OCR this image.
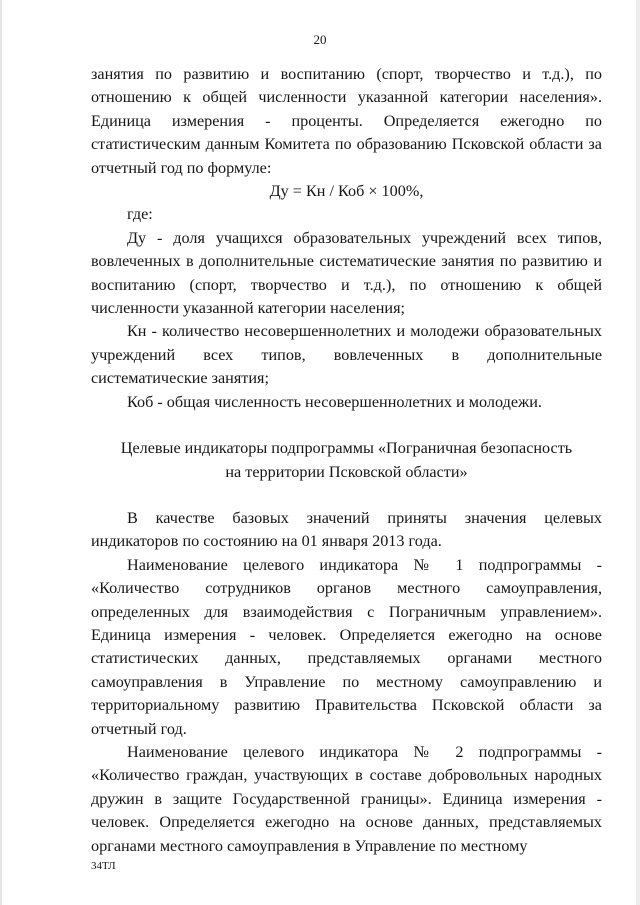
20

занятия по развитию и воспитанию (спорт, творчество и т.д.), по отношению к общей численности указанной категории населения». Единица измерения - проценты. Определяется ежегодно по статистическим данным Комитета по образованию Псковской области за отчетный год по формуле:

Ду = Кн / Коб × 100%,

где:

Ду - доля учащихся образовательных учреждений всех типов, вовлеченных в дополнительные систематические занятия по развитию и воспитанию (спорт, творчество и т.д.), по отношению к общей численности указанной категории населения;

Кн - количество несовершеннолетних и молодежи образовательных учреждений всех типов, вовлеченных в дополнительные систематические занятия;

Коб - общая численность несовершеннолетних и молодежи.

Целевые индикаторы подпрограммы «Пограничная безопасность

на территории Псковской области»

В качестве базовых значений приняты значения целевых индикаторов по состоянию на 01 января 2013 года.

Наименование целевого индикатора № 1 подпрограммы - «Количество сотрудников органов местного самоуправления, определенных для взаимодействия с Пограничным управлением». Единица измерения - человек. Определяется ежегодно на основе статистических данных, представляемых органами местного самоуправления в Управление по местному самоуправлению и территориальному развитию Правительства Псковской области за отчетный год.

Наименование целевого индикатора № 2 подпрограммы - «Количество граждан, участвующих в составе добровольных народных дружин в защите Государственной границы». Единица измерения - человек. Определяется ежегодно на основе данных, представляемых органами местного самоуправления в Управление по местному

34ТЛ
